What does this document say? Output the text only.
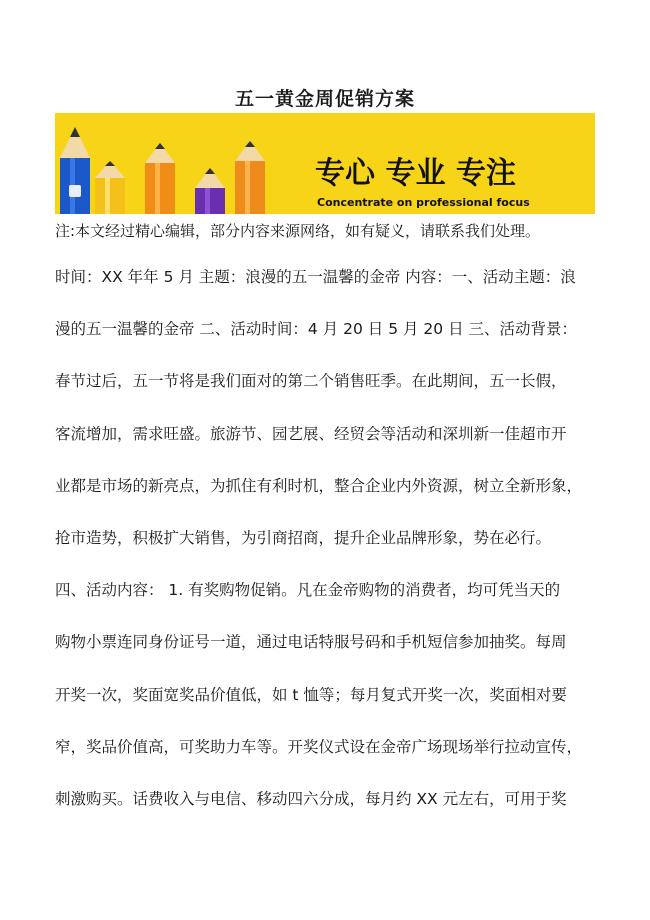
五一黄金周促销方案
专心 专业 专注
Concentrate on professional focus

注:本文经过精心编辑，部分内容来源网络，如有疑义，请联系我们处理。

时间：XX 年年 5 月 主题：浪漫的五一温馨的金帝 内容：一、活动主题：浪
漫的五一温馨的金帝 二、活动时间：4 月 20 日 5 月 20 日 三、活动背景：
春节过后，五一节将是我们面对的第二个销售旺季。在此期间，五一长假，
客流增加，需求旺盛。旅游节、园艺展、经贸会等活动和深圳新一佳超市开
业都是市场的新亮点，为抓住有利时机，整合企业内外资源，树立全新形象，
抢市造势，积极扩大销售，为引商招商，提升企业品牌形象，势在必行。
四、活动内容： 1. 有奖购物促销。凡在金帝购物的消费者，均可凭当天的
购物小票连同身份证号一道，通过电话特服号码和手机短信参加抽奖。每周
开奖一次，奖面宽奖品价值低，如 t 恤等；每月复式开奖一次，奖面相对要
窄，奖品价值高，可奖助力车等。开奖仪式设在金帝广场现场举行拉动宣传，
刺激购买。话费收入与电信、移动四六分成，每月约 XX 元左右，可用于奖
